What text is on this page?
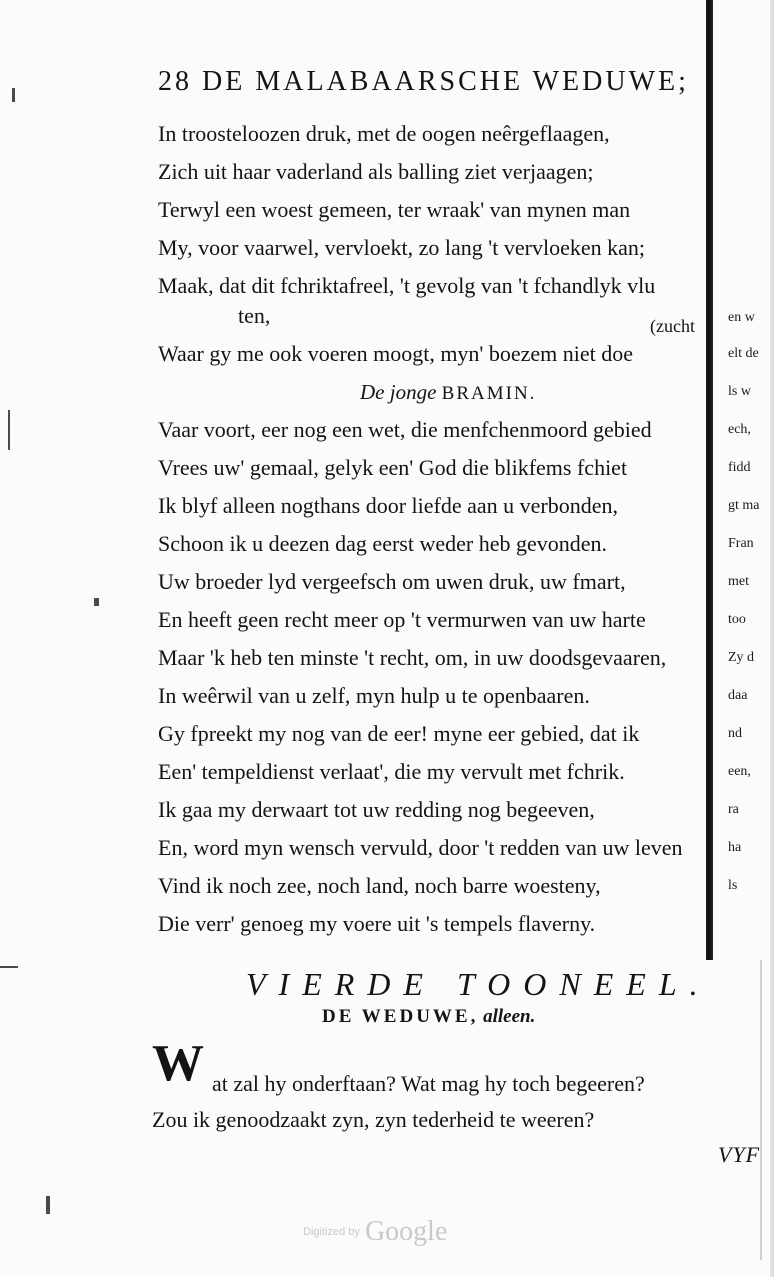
28 DE MALABAARSCHE WEDUWE;
In troosteloozen druk, met de oogen neêrgeflaagen,
Zich uit haar vaderland als balling ziet verjaagen;
Terwyl een woest gemeen, ter wraak' van mynen man
My, voor vaarwel, vervloekt, zo lang 't vervloeken kan;
Maak, dat dit fchriktafreel, 't gevolg van 't fchandlyk vlu
ten,	(zucht
Waar gy me ook voeren moogt, myn' boezem niet doe
De jonge BRAMIN.
Vaar voort, eer nog een wet, die menfchenmoord gebied
Vrees uw' gemaal, gelyk een' God die blikfems fchiet
Ik blyf alleen nogthans door liefde aan u verbonden,
Schoon ik u deezen dag eerst weder heb gevonden.
Uw broeder lyd vergeefsch om uwen druk, uw fmart,
En heeft geen recht meer op 't vermurwen van uw harte
Maar 'k heb ten minste 't recht, om, in uw doodsgevaaren,
In weêrwil van u zelf, myn hulp u te openbaaren.
Gy fpreekt my nog van de eer! myne eer gebied, dat ik
Een' tempeldienst verlaat', die my vervult met fchrik.
Ik gaa my derwaart tot uw redding nog begeeven,
En, word myn wensch vervuld, door 't redden van uw leven
Vind ik noch zee, noch land, noch barre woesteny,
Die verr' genoeg my voere uit 's tempels flaverny.
en w
elt de
ls w
ech,
fidd
gt ma
Fran
met
too
Zy d
daa
nd
een,
ra
ha
ls
VIERDE TOONEEL.
DE WEDUWE, alleen.
W at zal hy onderftaan? Wat mag hy toch begeeren?
Zou ik genoodzaakt zyn, zyn tederheid te weeren?
VYF
Digitized by Google
